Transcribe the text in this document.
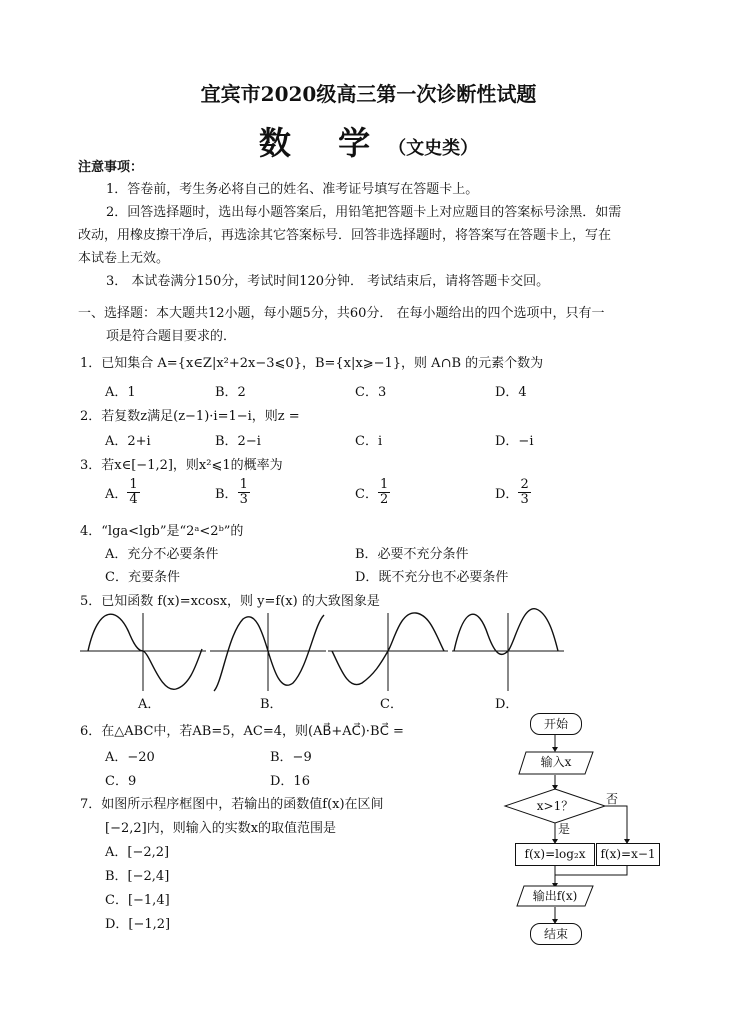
宜宾市2020级高三第一次诊断性试题
数 学（文史类）
注意事项：
1．答卷前，考生务必将自己的姓名、准考证号填写在答题卡上。
2．回答选择题时，选出每小题答案后，用铅笔把答题卡上对应题目的答案标号涂黑．如需
改动，用橡皮擦干净后，再选涂其它答案标号．回答非选择题时，将答案写在答题卡上，写在
本试卷上无效。
3． 本试卷满分150分，考试时间120分钟． 考试结束后，请将答题卡交回。
一、选择题：本大题共12小题，每小题5分，共60分． 在每小题给出的四个选项中，只有一
项是符合题目要求的．
1．已知集合 A={x∈Z|x²+2x−3⩽0}，B={x|x⩾−1}，则 A∩B 的元素个数为
A．1	B．2	C．3	D．4
2．若复数z满足(z−1)·i=1−i，则z =
A．2+i	B．2−i	C．i	D．−i
3．若x∈[−1,2]，则x²⩽1的概率为
A． $\frac{1}{4}$	B． $\frac{1}{3}$	C． $\frac{1}{2}$	D． $\frac{2}{3}$
4．“lga<lgb”是“2ᵃ<2ᵇ”的
A．充分不必要条件	B．必要不充分条件
C．充要条件	D．既不充分也不必要条件
5．已知函数 f(x)=xcosx，则 y=f(x) 的大致图象是
A．	B．	C．	D．
6．在△ABC中，若AB=5，AC=4，则(AB⃗+AC⃗)·BC⃗ =
A．−20	B．−9
C．9	D．16
7．如图所示程序框图中，若输出的函数值f(x)在区间
[−2,2]内，则输入的实数x的取值范围是
A．[−2,2]
B．[−2,4]
C．[−1,4]
D．[−1,2]
开始
输入x
x>1？	否
是
f(x)=log₂x	f(x)=x−1
输出f(x)
结束
